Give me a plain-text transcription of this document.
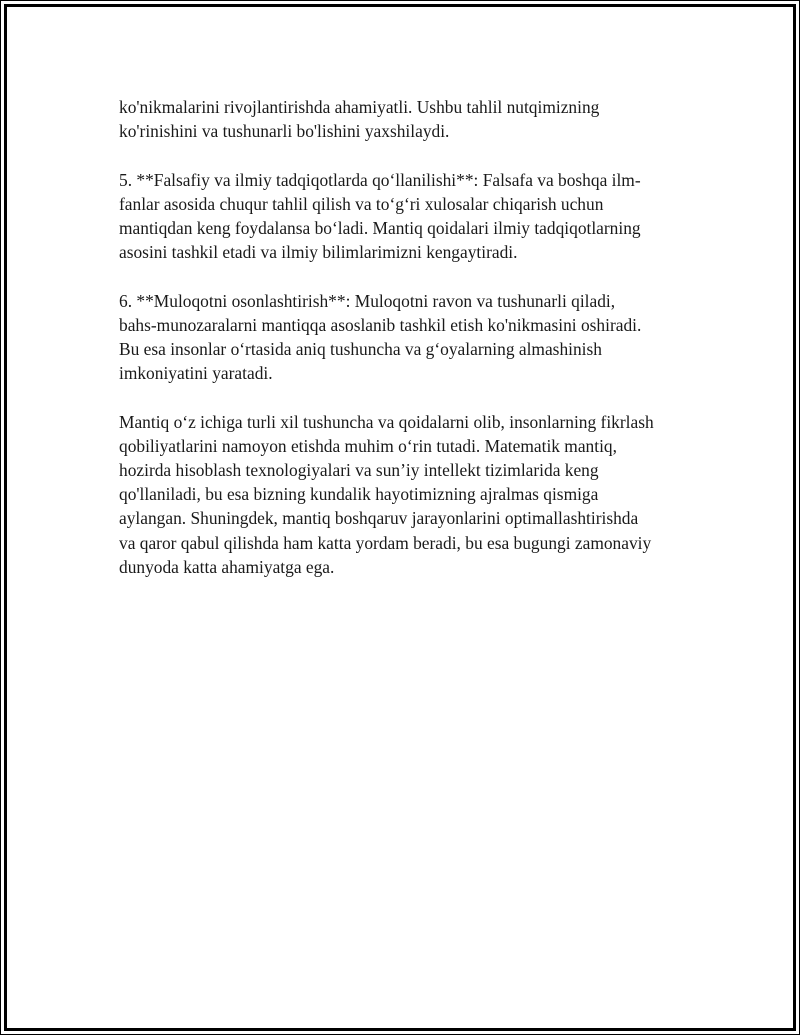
ko'nikmalarini rivojlantirishda ahamiyatli. Ushbu tahlil nutqimizning
ko'rinishini va tushunarli bo'lishini yaxshilaydi.

5. **Falsafiy va ilmiy tadqiqotlarda qo‘llanilishi**: Falsafa va boshqa ilm-
fanlar asosida chuqur tahlil qilish va to‘g‘ri xulosalar chiqarish uchun
mantiqdan keng foydalansa bo‘ladi. Mantiq qoidalari ilmiy tadqiqotlarning
asosini tashkil etadi va ilmiy bilimlarimizni kengaytiradi.

6. **Muloqotni osonlashtirish**: Muloqotni ravon va tushunarli qiladi,
bahs-munozaralarni mantiqqa asoslanib tashkil etish ko'nikmasini oshiradi.
Bu esa insonlar o‘rtasida aniq tushuncha va g‘oyalarning almashinish
imkoniyatini yaratadi.

Mantiq o‘z ichiga turli xil tushuncha va qoidalarni olib, insonlarning fikrlash
qobiliyatlarini namoyon etishda muhim o‘rin tutadi. Matematik mantiq,
hozirda hisoblash texnologiyalari va sun’iy intellekt tizimlarida keng
qo'llaniladi, bu esa bizning kundalik hayotimizning ajralmas qismiga
aylangan. Shuningdek, mantiq boshqaruv jarayonlarini optimallashtirishda
va qaror qabul qilishda ham katta yordam beradi, bu esa bugungi zamonaviy
dunyoda katta ahamiyatga ega.
